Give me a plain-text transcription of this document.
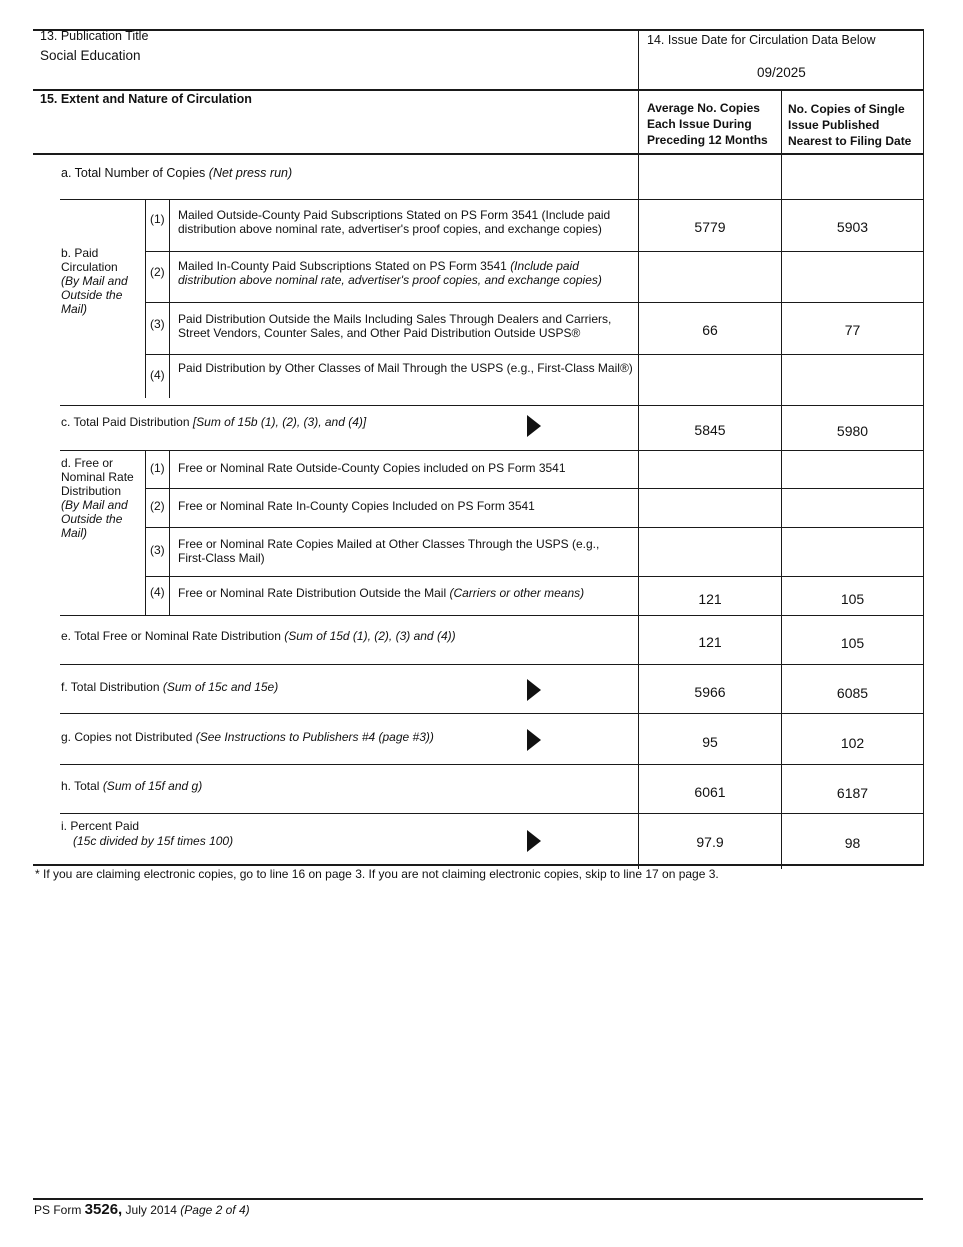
13. Publication Title
Social Education
14. Issue Date for Circulation Data Below
09/2025
15. Extent and Nature of Circulation
Average No. Copies Each Issue During Preceding 12 Months
No. Copies of Single Issue Published Nearest to Filing Date
a. Total Number of Copies (Net press run)
b. Paid Circulation
(By Mail and Outside the Mail)
(1) Mailed Outside-County Paid Subscriptions Stated on PS Form 3541 (Include paid distribution above nominal rate, advertiser's proof copies, and exchange copies)	5779	5903
(2) Mailed In-County Paid Subscriptions Stated on PS Form 3541 (Include paid distribution above nominal rate, advertiser's proof copies, and exchange copies)
(3) Paid Distribution Outside the Mails Including Sales Through Dealers and Carriers, Street Vendors, Counter Sales, and Other Paid Distribution Outside USPS®	66	77
(4) Paid Distribution by Other Classes of Mail Through the USPS (e.g., First-Class Mail®)
c. Total Paid Distribution [Sum of 15b (1), (2), (3), and (4)]	5845	5980
d. Free or Nominal Rate Distribution
(By Mail and Outside the Mail)
(1) Free or Nominal Rate Outside-County Copies included on PS Form 3541
(2) Free or Nominal Rate In-County Copies Included on PS Form 3541
(3) Free or Nominal Rate Copies Mailed at Other Classes Through the USPS (e.g., First-Class Mail)
(4) Free or Nominal Rate Distribution Outside the Mail (Carriers or other means)	121	105
e. Total Free or Nominal Rate Distribution (Sum of 15d (1), (2), (3) and (4))	121	105
f. Total Distribution (Sum of 15c and 15e)	5966	6085
g. Copies not Distributed (See Instructions to Publishers #4 (page #3))	95	102
h. Total (Sum of 15f and g)	6061	6187
i. Percent Paid
(15c divided by 15f times 100)	97.9	98
* If you are claiming electronic copies, go to line 16 on page 3. If you are not claiming electronic copies, skip to line 17 on page 3.
PS Form 3526, July 2014 (Page 2 of 4)
